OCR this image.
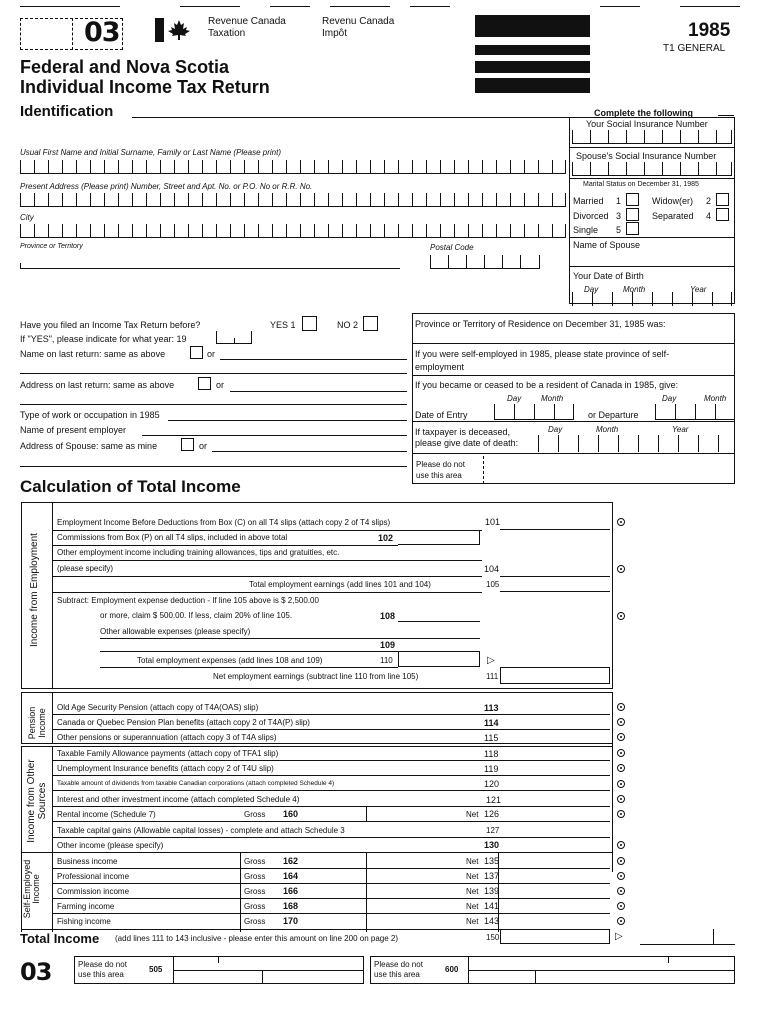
03	Revenue Canada
Taxation
Revenu Canada
Impôt	1985
T1 GENERAL
Federal and Nova Scotia
Individual Income Tax Return
Identification	Complete the following
Your Social Insurance Number
Spouse's Social Insurance Number
Marital Status on December 31, 1985
Married 1	Widow(er) 2
Divorced 3	Separated 4
Single 5
Name of Spouse
Your Date of Birth
Day	Month	Year
Usual First Name and Initial Surname, Family or Last Name (Please print)
Present Address (Please print) Number, Street and Apt. No. or P.O. No or R.R. No.
City
Province or Territory	Postal Code
Have you filed an Income Tax Return before?	YES 1	NO 2
If "YES", please indicate for what year: 19
Name on last return: same as above	or
Address on last return: same as above	or
Type of work or occupation in 1985
Name of present employer
Address of Spouse: same as mine	or
Province or Territory of Residence on December 31, 1985 was:
If you were self-employed in 1985, please state province of self-
employment
If you became or ceased to be a resident of Canada in 1985, give:
Day Month	Day	Month
Date of Entry	or Departure
If taxpayer is deceased,
please give date of death:
Day	Month	Year
Please do not
use this area
Calculation of Total Income
Income from Employment
Pension Income
Income from Other Sources
Self-Employed Income
Employment Income Before Deductions from Box (C) on all T4 slips (attach copy 2 of T4 slips)	101
Commissions from Box (P) on all T4 slips, included in above total	102
Other employment income including training allowances, tips and gratuities, etc.
(please specify)	104
Total employment earnings (add lines 101 and 104)	105
Subtract: Employment expense deduction - If line 105 above is $ 2,500.00
or more, claim $ 500.00. If less, claim 20% of line 105.	108
Other allowable expenses (please specify)
109
Total employment expenses (add lines 108 and 109)	110	▷
Net employment earnings (subtract line 110 from line 105)	111
Old Age Security Pension (attach copy of T4A(OAS) slip)	113
Canada or Quebec Pension Plan benefits (attach copy 2 of T4A(P) slip)	114
Other pensions or superannuation (attach copy 3 of T4A slips)	115
Taxable Family Allowance payments (attach copy of TFA1 slip)	118
Unemployment Insurance benefits (attach copy 2 of T4U slip)	119
Taxable amount of dividends from taxable Canadian corporations (attach completed Schedule 4)	120
Interest and other investment income (attach completed Schedule 4)	121
Rental income (Schedule 7)	Gross 160	Net 126
Taxable capital gains (Allowable capital losses) - complete and attach Schedule 3	127
Other income (please specify)	130
Business income	Gross 162	Net 135
Professional income	Gross 164	Net 137
Commission income	Gross 166	Net 139
Farming income	Gross 168	Net 141
Fishing income	Gross 170	Net 143
Total Income (add lines 111 to 143 inclusive - please enter this amount on line 200 on page 2)	150	▷
03	Please do not
use this area
505
Please do not
use this area
600
